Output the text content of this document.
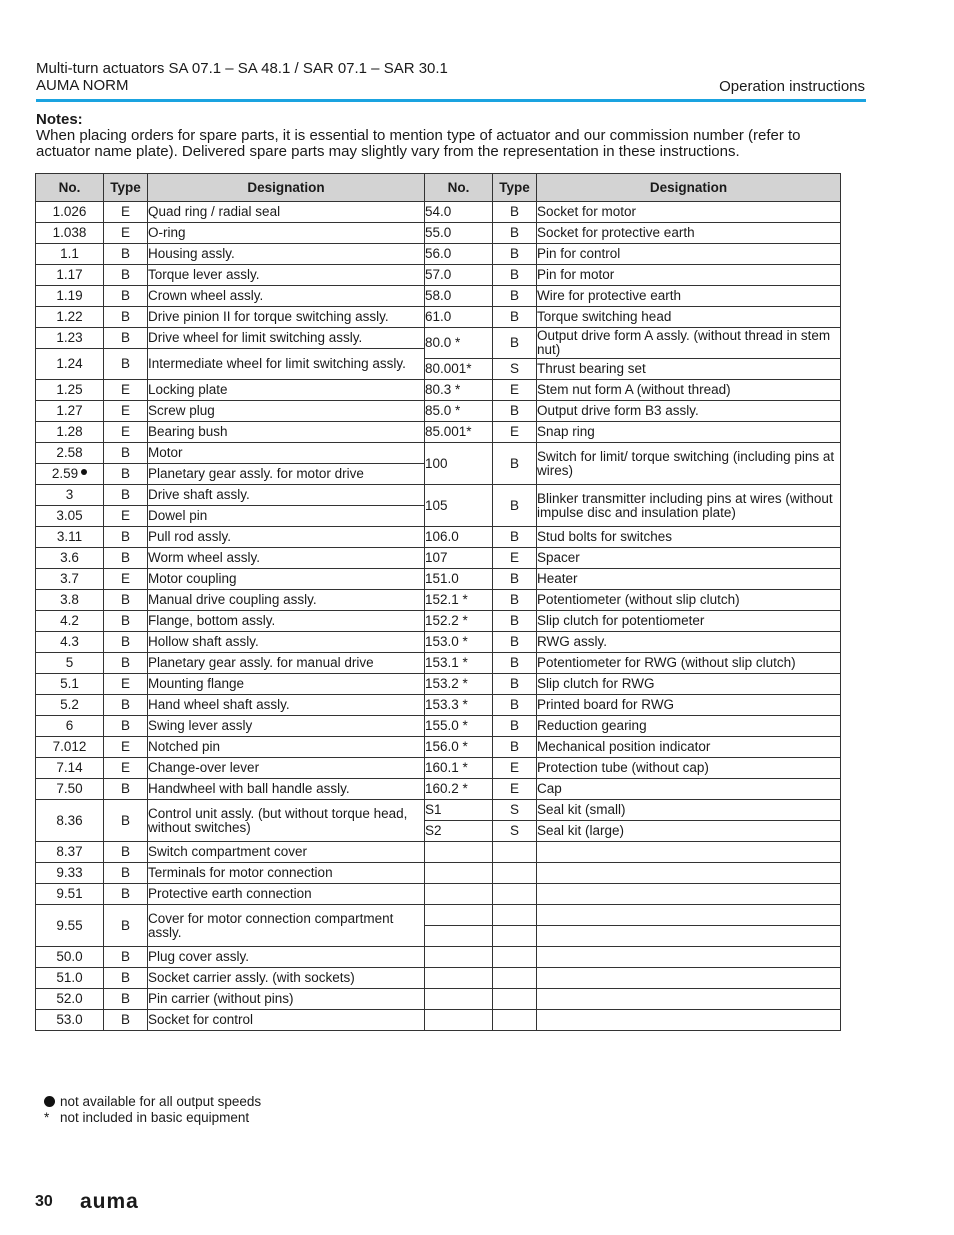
Multi-turn actuators SA 07.1 – SA 48.1 / SAR 07.1 – SAR 30.1
AUMA NORM	Operation instructions
Notes:
When placing orders for spare parts, it is essential to mention type of actuator and our commission number (refer to actuator name plate). Delivered spare parts may slightly vary from the representation in these instructions.
No.	Type	Designation	No.	Type	Designation
1.026	E	Quad ring / radial seal	54.0	B	Socket for motor
1.038	E	O-ring	55.0	B	Socket for protective earth
1.1	B	Housing assly.	56.0	B	Pin for control
1.17	B	Torque lever assly.	57.0	B	Pin for motor
1.19	B	Crown wheel assly.	58.0	B	Wire for protective earth
1.22	B	Drive pinion II for torque switching assly.	61.0	B	Torque switching head
1.23	B	Drive wheel for limit switching assly.	80.0 *	B	Output drive form A assly. (without thread in stem nut)
1.24	B	Intermediate wheel for limit switching assly.			
			80.001*	S	Thrust bearing set
1.25	E	Locking plate	80.3 *	E	Stem nut form A (without thread)
1.27	E	Screw plug	85.0 *	B	Output drive form B3 assly.
1.28	E	Bearing bush	85.001*	E	Snap ring
2.58	B	Motor	100	B	Switch for limit/ torque switching (including pins at wires)
2.59	B	Planetary gear assly. for motor drive			
3	B	Drive shaft assly.	105	B	Blinker transmitter including pins at wires (without impulse disc and insulation plate)
3.05	E	Dowel pin			
3.11	B	Pull rod assly.	106.0	B	Stud bolts for switches
3.6	B	Worm wheel assly.	107	E	Spacer
3.7	E	Motor coupling	151.0	B	Heater
3.8	B	Manual drive coupling assly.	152.1 *	B	Potentiometer (without slip clutch)
4.2	B	Flange, bottom assly.	152.2 *	B	Slip clutch for potentiometer
4.3	B	Hollow shaft assly.	153.0 *	B	RWG assly.
5	B	Planetary gear assly. for manual drive	153.1 *	B	Potentiometer for RWG (without slip clutch)
5.1	E	Mounting flange	153.2 *	B	Slip clutch for RWG
5.2	B	Hand wheel shaft assly.	153.3 *	B	Printed board for RWG
6	B	Swing lever assly	155.0 *	B	Reduction gearing
7.012	E	Notched pin	156.0 *	B	Mechanical position indicator
7.14	E	Change-over lever	160.1 *	E	Protection tube (without cap)
7.50	B	Handwheel with ball handle assly.	160.2 *	E	Cap
8.36	B	Control unit assly. (but without torque head, without switches)	S1	S	Seal kit (small)
			S2	S	Seal kit (large)
8.37	B	Switch compartment cover			
9.33	B	Terminals for motor connection			
9.51	B	Protective earth connection			
9.55	B	Cover for motor connection compartment assly.			

50.0	B	Plug cover assly.			
51.0	B	Socket carrier assly. (with sockets)			
52.0	B	Pin carrier (without pins)			
53.0	B	Socket for control			
not available for all output speeds
* not included in basic equipment
30 auma
